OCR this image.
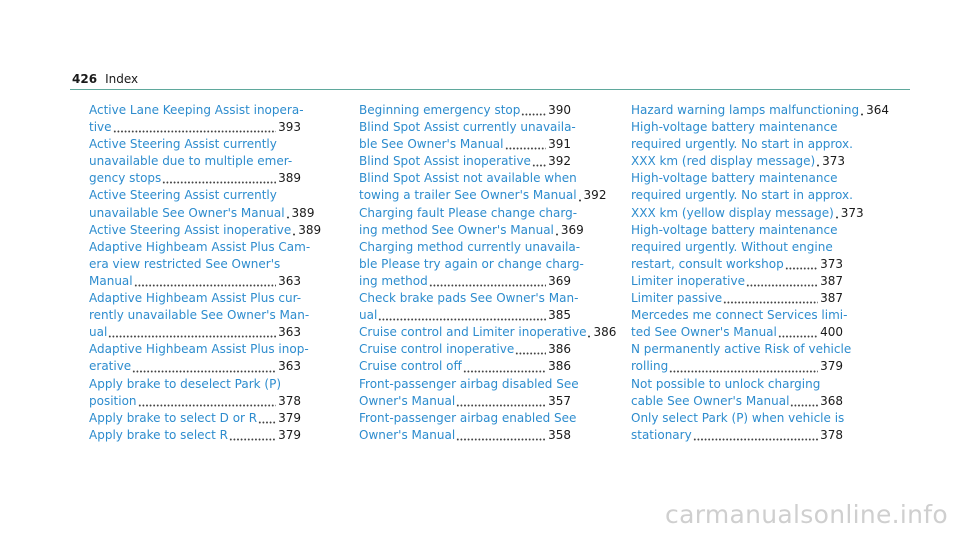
426 Index
Active Lane Keeping Assist inopera-
tive	393
Active Steering Assist currently
unavailable due to multiple emer-
gency stops	389
Active Steering Assist currently
unavailable See Owner's Manual 389
Active Steering Assist inoperative 389
Adaptive Highbeam Assist Plus Cam-
era view restricted See Owner's
Manual	363
Adaptive Highbeam Assist Plus cur-
rently unavailable See Owner's Man-
ual	363
Adaptive Highbeam Assist Plus inop-
erative	363
Apply brake to deselect Park (P)
position	378
Apply brake to select D or R 379
Apply brake to select R	379
Beginning emergency stop 390
Blind Spot Assist currently unavaila-
ble See Owner's Manual	391
Blind Spot Assist inoperative 392
Blind Spot Assist not available when
towing a trailer See Owner's Manual 392
Charging fault Please change charg-
ing method See Owner's Manual 369
Charging method currently unavaila-
ble Please try again or change charg-
ing method	369
Check brake pads See Owner's Man-
ual	385
Cruise control and Limiter inoperative 386
Cruise control inoperative	386
Cruise control off	386
Front-passenger airbag disabled See
Owner's Manual	357
Front-passenger airbag enabled See
Owner's Manual	358
Hazard warning lamps malfunctioning 364
High-voltage battery maintenance
required urgently. No start in approx.
XXX km (red display message) 373
High-voltage battery maintenance
required urgently. No start in approx.
XXX km (yellow display message) 373
High-voltage battery maintenance
required urgently. Without engine
restart, consult workshop	373
Limiter inoperative	387
Limiter passive	387
Mercedes me connect Services limi-
ted See Owner's Manual	400
N permanently active Risk of vehicle
rolling	379
Not possible to unlock charging
cable See Owner's Manual	368
Only select Park (P) when vehicle is
stationary	378
carmanualsonline.info
